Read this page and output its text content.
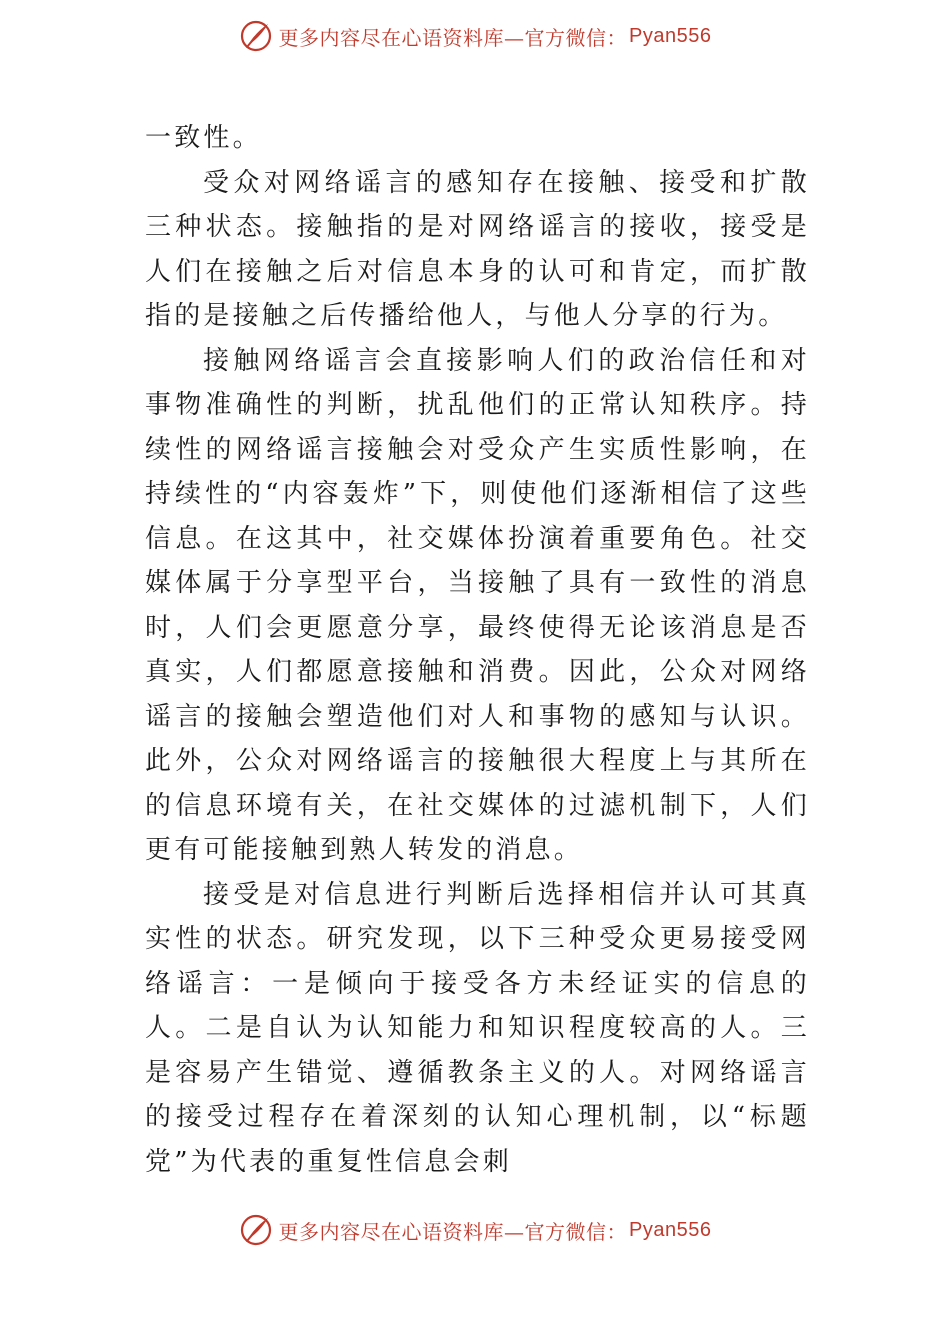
更多内容尽在心语资料库—官方微信： Pyan556

一致性。

受众对网络谣言的感知存在接触、接受和扩散三种状态。接触指的是对网络谣言的接收，接受是人们在接触之后对信息本身的认可和肯定，而扩散指的是接触之后传播给他人，与他人分享的行为。

接触网络谣言会直接影响人们的政治信任和对事物准确性的判断，扰乱他们的正常认知秩序。持续性的网络谣言接触会对受众产生实质性影响，在持续性的“内容轰炸”下，则使他们逐渐相信了这些信息。在这其中，社交媒体扮演着重要角色。社交媒体属于分享型平台，当接触了具有一致性的消息时，人们会更愿意分享，最终使得无论该消息是否真实，人们都愿意接触和消费。因此，公众对网络谣言的接触会塑造他们对人和事物的感知与认识。此外，公众对网络谣言的接触很大程度上与其所在的信息环境有关，在社交媒体的过滤机制下，人们更有可能接触到熟人转发的消息。

接受是对信息进行判断后选择相信并认可其真实性的状态。研究发现，以下三种受众更易接受网络谣言：一是倾向于接受各方未经证实的信息的人。二是自认为认知能力和知识程度较高的人。三是容易产生错觉、遵循教条主义的人。对网络谣言的接受过程存在着深刻的认知心理机制，以“标题党”为代表的重复性信息会刺

更多内容尽在心语资料库—官方微信： Pyan556
